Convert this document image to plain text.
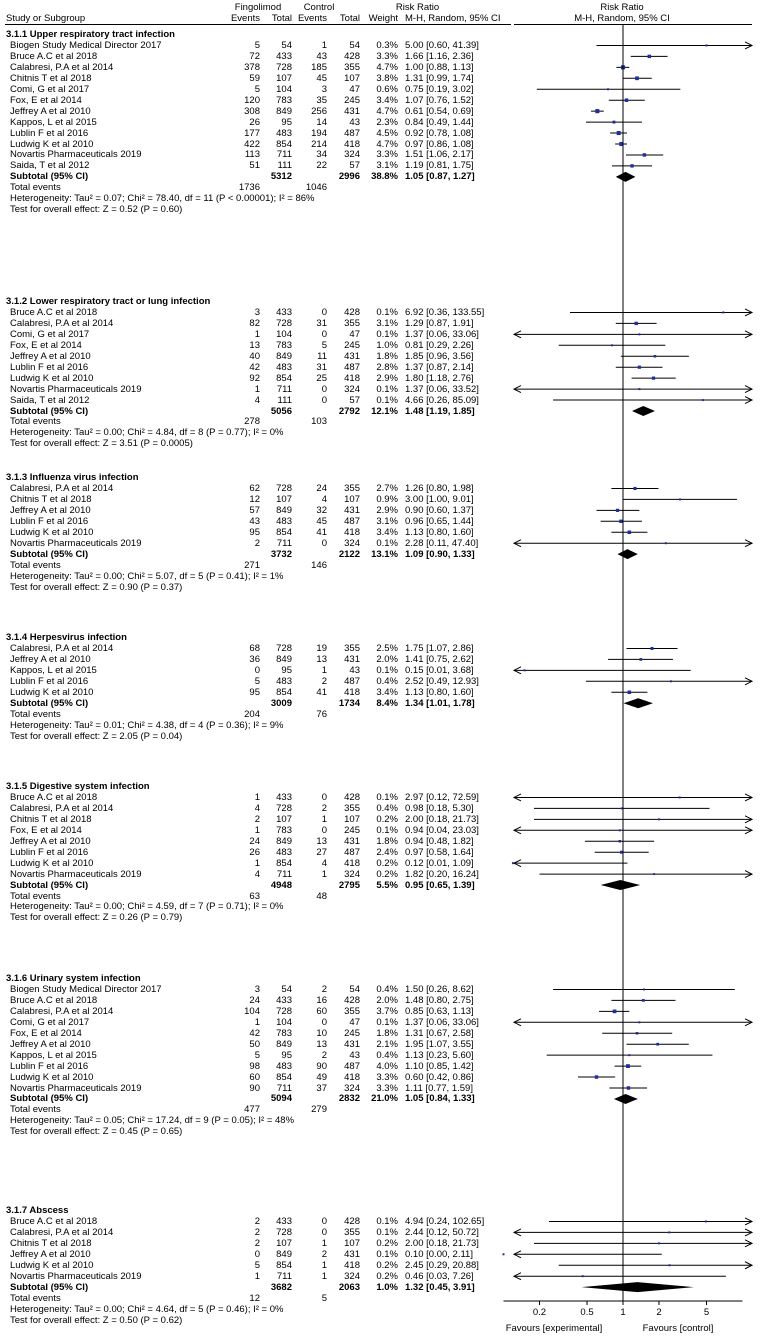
Fingolimod	Control	Risk Ratio	Risk Ratio
Study or Subgroup	Events	Total Events	Total Weight M-H, Random, 95% CI	M-H, Random, 95% CI
3.1.1 Upper respiratory tract infection
Biogen Study Medical Director 2017	5	54	1	54	0.3% 5.00 [0.60, 41.39]
Bruce A.C et al 2018	72	433	43	428	3.3% 1.66 [1.16, 2.36]
Calabresi, P.A et al 2014	378	728	185	355	4.7% 1.00 [0.88, 1.13]
Chitnis T et al 2018	59	107	45	107	3.8% 1.31 [0.99, 1.74]
Comi, G et al 2017	5	104	3	47	0.6% 0.75 [0.19, 3.02]
Fox, E et al 2014	120	783	35	245	3.4% 1.07 [0.76, 1.52]
Jeffrey A et al 2010	308	849	256	431	4.7% 0.61 [0.54, 0.69]
Kappos, L et al 2015	26	95	14	43	2.3% 0.84 [0.49, 1.44]
Lublin F et al 2016	177	483	194	487	4.5% 0.92 [0.78, 1.08]
Ludwig K et al 2010	422	854	214	418	4.7% 0.97 [0.86, 1.08]
Novartis Pharmaceuticals 2019	113	711	34	324	3.3% 1.51 [1.06, 2.17]
Saida, T et al 2012	51	111	22	57	3.1% 1.19 [0.81, 1.75]
Subtotal (95% CI)	5312	2996	38.8% 1.05 [0.87, 1.27]
Total events	1736	1046
Heterogeneity: Tau² = 0.07; Chi² = 78.40, df = 11 (P < 0.00001); I² = 86%
Test for overall effect: Z = 0.52 (P = 0.60)
3.1.2 Lower respiratory tract or lung infection
Bruce A.C et al 2018	3	433	0	428	0.1% 6.92 [0.36, 133.55]
Calabresi, P.A et al 2014	82	728	31	355	3.1% 1.29 [0.87, 1.91]
Comi, G et al 2017	1	104	0	47	0.1% 1.37 [0.06, 33.06]
Fox, E et al 2014	13	783	5	245	1.0% 0.81 [0.29, 2.26]
Jeffrey A et al 2010	40	849	11	431	1.8% 1.85 [0.96, 3.56]
Lublin F et al 2016	42	483	31	487	2.8% 1.37 [0.87, 2.14]
Ludwig K et al 2010	92	854	25	418	2.9% 1.80 [1.18, 2.76]
Novartis Pharmaceuticals 2019	1	711	0	324	0.1% 1.37 [0.06, 33.52]
Saida, T et al 2012	4	111	0	57	0.1% 4.66 [0.26, 85.09]
Subtotal (95% CI)	5056	2792	12.1% 1.48 [1.19, 1.85]
Total events	278	103
Heterogeneity: Tau² = 0.00; Chi² = 4.84, df = 8 (P = 0.77); I² = 0%
Test for overall effect: Z = 3.51 (P = 0.0005)
3.1.3 Influenza virus infection
Calabresi, P.A et al 2014	62	728	24	355	2.7% 1.26 [0.80, 1.98]
Chitnis T et al 2018	12	107	4	107	0.9% 3.00 [1.00, 9.01]
Jeffrey A et al 2010	57	849	32	431	2.9% 0.90 [0.60, 1.37]
Lublin F et al 2016	43	483	45	487	3.1% 0.96 [0.65, 1.44]
Ludwig K et al 2010	95	854	41	418	3.4% 1.13 [0.80, 1.60]
Novartis Pharmaceuticals 2019	2	711	0	324	0.1% 2.28 [0.11, 47.40]
Subtotal (95% CI)	3732	2122	13.1% 1.09 [0.90, 1.33]
Total events	271	146
Heterogeneity: Tau² = 0.00; Chi² = 5.07, df = 5 (P = 0.41); I² = 1%
Test for overall effect: Z = 0.90 (P = 0.37)
3.1.4 Herpesvirus infection
Calabresi, P.A et al 2014	68	728	19	355	2.5% 1.75 [1.07, 2.86]
Jeffrey A et al 2010	36	849	13	431	2.0% 1.41 [0.75, 2.62]
Kappos, L et al 2015	0	95	1	43	0.1% 0.15 [0.01, 3.68]
Lublin F et al 2016	5	483	2	487	0.4% 2.52 [0.49, 12.93]
Ludwig K et al 2010	95	854	41	418	3.4% 1.13 [0.80, 1.60]
Subtotal (95% CI)	3009	1734	8.4% 1.34 [1.01, 1.78]
Total events	204	76
Heterogeneity: Tau² = 0.01; Chi² = 4.38, df = 4 (P = 0.36); I² = 9%
Test for overall effect: Z = 2.05 (P = 0.04)
3.1.5 Digestive system infection
Bruce A.C et al 2018	1	433	0	428	0.1% 2.97 [0.12, 72.59]
Calabresi, P.A et al 2014	4	728	2	355	0.4% 0.98 [0.18, 5.30]
Chitnis T et al 2018	2	107	1	107	0.2% 2.00 [0.18, 21.73]
Fox, E et al 2014	1	783	0	245	0.1% 0.94 [0.04, 23.03]
Jeffrey A et al 2010	24	849	13	431	1.8% 0.94 [0.48, 1.82]
Lublin F et al 2016	26	483	27	487	2.4% 0.97 [0.58, 1.64]
Ludwig K et al 2010	1	854	4	418	0.2% 0.12 [0.01, 1.09]
Novartis Pharmaceuticals 2019	4	711	1	324	0.2% 1.82 [0.20, 16.24]
Subtotal (95% CI)	4948	2795	5.5% 0.95 [0.65, 1.39]
Total events	63	48
Heterogeneity: Tau² = 0.00; Chi² = 4.59, df = 7 (P = 0.71); I² = 0%
Test for overall effect: Z = 0.26 (P = 0.79)
3.1.6 Urinary system infection
Biogen Study Medical Director 2017	3	54	2	54	0.4% 1.50 [0.26, 8.62]
Bruce A.C et al 2018	24	433	16	428	2.0% 1.48 [0.80, 2.75]
Calabresi, P.A et al 2014	104	728	60	355	3.7% 0.85 [0.63, 1.13]
Comi, G et al 2017	1	104	0	47	0.1% 1.37 [0.06, 33.06]
Fox, E et al 2014	42	783	10	245	1.8% 1.31 [0.67, 2.58]
Jeffrey A et al 2010	50	849	13	431	2.1% 1.95 [1.07, 3.55]
Kappos, L et al 2015	5	95	2	43	0.4% 1.13 [0.23, 5.60]
Lublin F et al 2016	98	483	90	487	4.0% 1.10 [0.85, 1.42]
Ludwig K et al 2010	60	854	49	418	3.3% 0.60 [0.42, 0.86]
Novartis Pharmaceuticals 2019	90	711	37	324	3.3% 1.11 [0.77, 1.59]
Subtotal (95% CI)	5094	2832	21.0% 1.05 [0.84, 1.33]
Total events	477	279
Heterogeneity: Tau² = 0.05; Chi² = 17.24, df = 9 (P = 0.05); I² = 48%
Test for overall effect: Z = 0.45 (P = 0.65)
3.1.7 Abscess
Bruce A.C et al 2018	2	433	0	428	0.1% 4.94 [0.24, 102.65]
Calabresi, P.A et al 2014	2	728	0	355	0.1% 2.44 [0.12, 50.72]
Chitnis T et al 2018	2	107	1	107	0.2% 2.00 [0.18, 21.73]
Jeffrey A et al 2010	0	849	2	431	0.1% 0.10 [0.00, 2.11]
Ludwig K et al 2010	5	854	1	418	0.2% 2.45 [0.29, 20.88]
Novartis Pharmaceuticals 2019	1	711	1	324	0.2% 0.46 [0.03, 7.26]
Subtotal (95% CI)	3682	2063	1.0% 1.32 [0.45, 3.91]
Total events	12	5
Heterogeneity: Tau² = 0.00; Chi² = 4.64, df = 5 (P = 0.46); I² = 0%
Test for overall effect: Z = 0.50 (P = 0.62)
0.2	0.5	1	2	5
Favours [experimental]	Favours [control]
